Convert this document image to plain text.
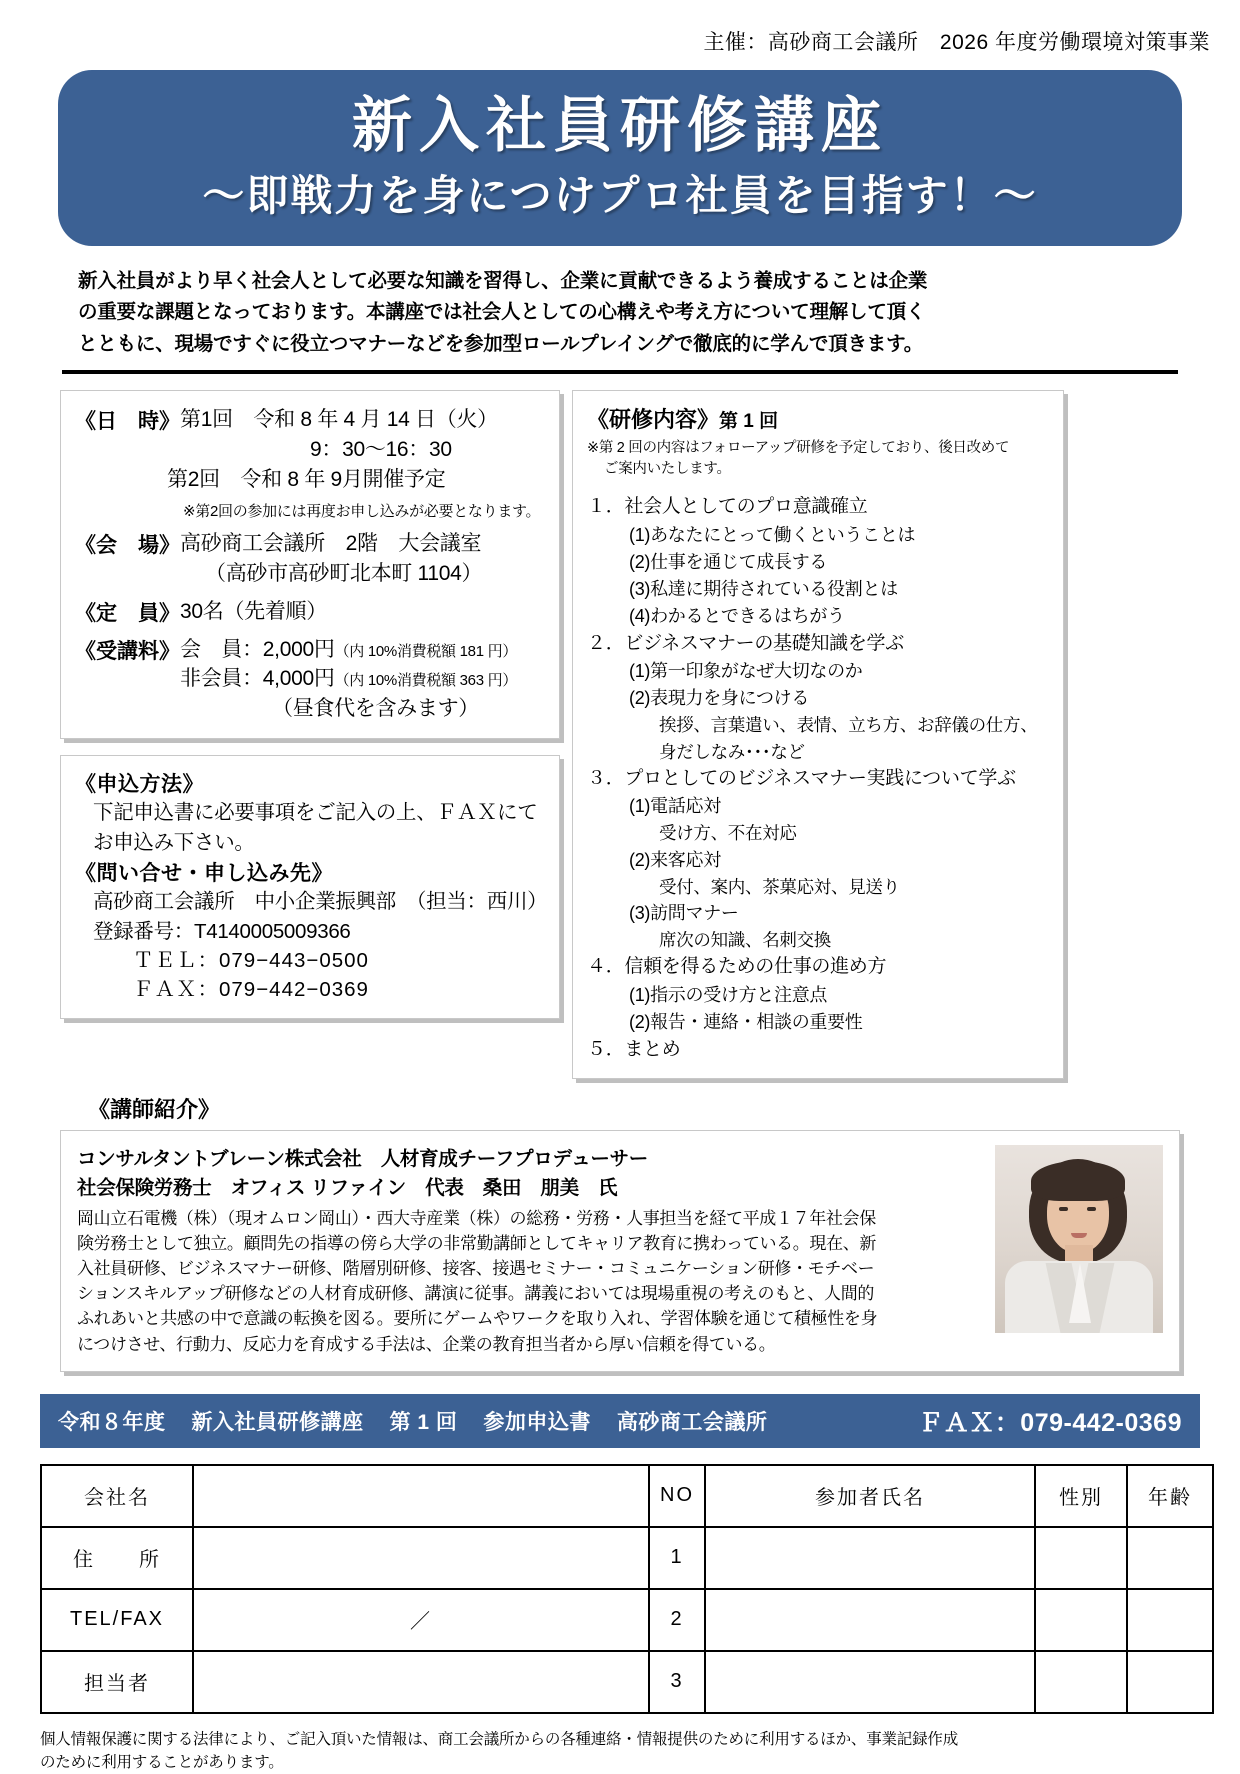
主催：高砂商工会議所　2026 年度労働環境対策事業
新入社員研修講座
〜即戦力を身につけプロ社員を目指す！〜

新入社員がより早く社会人として必要な知識を習得し、企業に貢献できるよう養成することは企業

の重要な課題となっております。本講座では社会人としての心構えや考え方について理解して頂く

とともに、現場ですぐに役立つマナーなどを参加型ロールプレイングで徹底的に学んで頂きます。

《日　時》 第1回　令和 8 年 4 月 14 日（火）
9：30〜16：30
第2回　令和 8 年 9月開催予定
※第2回の参加には再度お申し込みが必要となります。
《会　場》 高砂商工会議所　2階　大会議室
（高砂市高砂町北本町 1104）
《定　員》 30名（先着順）
《受講料》 会　員：2,000円（内 10%消費税額 181 円）
非会員：4,000円（内 10%消費税額 363 円）
（昼食代を含みます）
《申込方法》
下記申込書に必要事項をご記入の上、ＦＡＸにて
お申込み下さい。
《問い合せ・申し込み先》
高砂商工会議所　中小企業振興部　（担当：西川）
登録番号：T4140005009366
ＴＥＬ：079−443−0500
ＦＡＸ：079−442−0369
《研修内容》第 1 回
※第 2 回の内容はフォローアップ研修を予定しており、後日改めて
ご案内いたします。
１．社会人としてのプロ意識確立
(1)あなたにとって働くということは
(2)仕事を通じて成長する
(3)私達に期待されている役割とは
(4)わかるとできるはちがう
２．ビジネスマナーの基礎知識を学ぶ
(1)第一印象がなぜ大切なのか
(2)表現力を身につける
挨拶、言葉遣い、表情、立ち方、お辞儀の仕方、
身だしなみ･･･など
３．プロとしてのビジネスマナー実践について学ぶ
(1)電話応対
受け方、不在対応
(2)来客応対
受付、案内、茶菓応対、見送り
(3)訪問マナー
席次の知識、名刺交換
４．信頼を得るための仕事の進め方
(1)指示の受け方と注意点
(2)報告・連絡・相談の重要性
５．まとめ
《講師紹介》
コンサルタントブレーン株式会社　人材育成チーフプロデューサー
社会保険労務士　オフィス リファイン　代表　桑田　朋美　氏
岡山立石電機（株）（現オムロン岡山）・西大寺産業（株）の総務・労務・人事担当を経て平成１７年社会保
険労務士として独立。顧問先の指導の傍ら大学の非常勤講師としてキャリア教育に携わっている。現在、新
入社員研修、ビジネスマナー研修、階層別研修、接客、接遇セミナー・コミュニケーション研修・モチベー
ションスキルアップ研修などの人材育成研修、講演に従事。講義においては現場重視の考えのもと、人間的
ふれあいと共感の中で意識の転換を図る。要所にゲームやワークを取り入れ、学習体験を通じて積極性を身
につけさせ、行動力、反応力を育成する手法は、企業の教育担当者から厚い信頼を得ている。
令和８年度 新入社員研修講座 第 1 回 参加申込書 高砂商工会議所	ＦＡＸ：079-442-0369
会社名		NO	参加者氏名	性別	年齢
住　　所		1			
TEL/FAX	／	2			
担当者		3			
個人情報保護に関する法律により、ご記入頂いた情報は、商工会議所からの各種連絡・情報提供のために利用するほか、事業記録作成
のために利用することがあります。
